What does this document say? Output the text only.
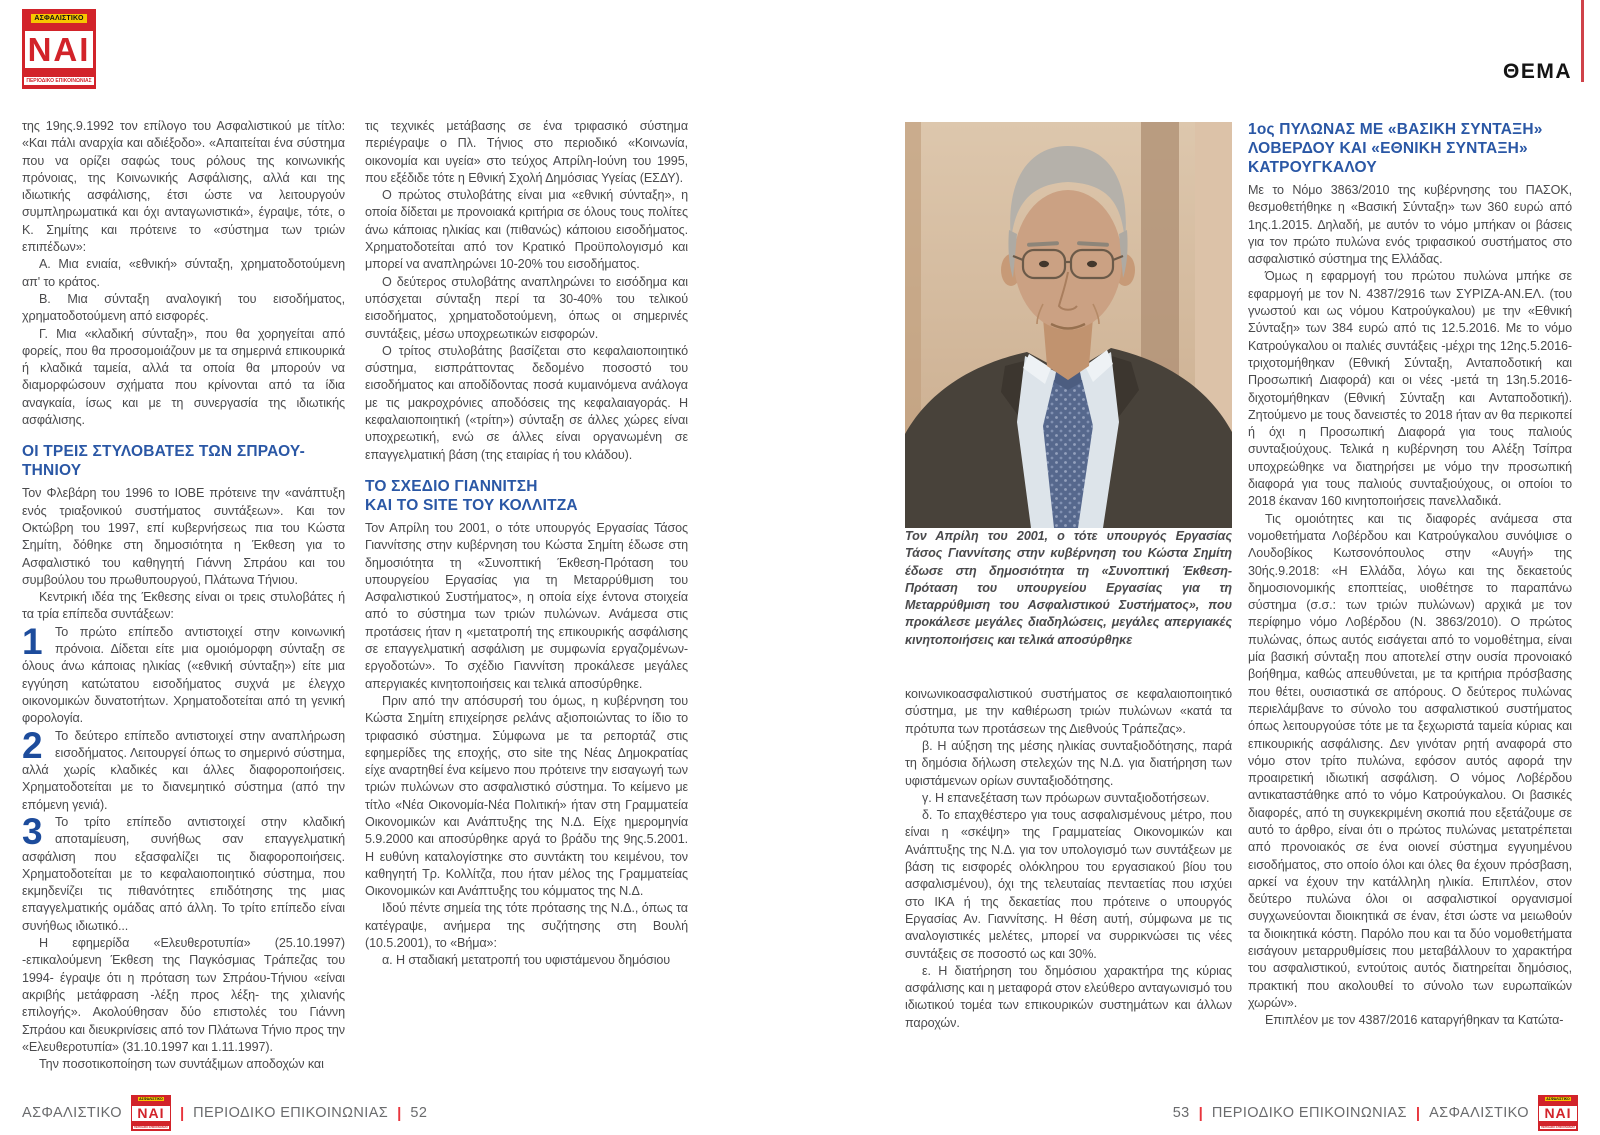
ΑΣΦΑΛΙΣΤΙΚΟ
ΝΑΙ
ΠΕΡΙΟΔΙΚΟ ΕΠΙΚΟΙΝΩΝΙΑΣ	ΘΕΜΑ

της 19ης.9.1992 τον επίλογο του Ασφαλιστικού με τίτλο: «Και πάλι αναρχία και αδιέξοδο». «Απαιτείται ένα σύστημα που να ορίζει σαφώς τους ρόλους της κοινωνικής πρόνοιας, της Κοινωνικής Ασφάλισης, αλλά και της ιδιωτικής ασφάλισης, έτσι ώστε να λειτουργούν συμπληρωματικά και όχι ανταγωνιστικά», έγραψε, τότε, ο Κ. Σημίτης και πρότεινε το «σύστημα των τριών επιπέδων»:

Α. Μια ενιαία, «εθνική» σύνταξη, χρηματοδοτούμενη απ' το κράτος.

Β. Μια σύνταξη αναλογική του εισοδήματος, χρηματοδοτούμενη από εισφορές.

Γ. Μια «κλαδική σύνταξη», που θα χορηγείται από φορείς, που θα προσομοιάζουν με τα σημερινά επικουρικά ή κλαδικά ταμεία, αλλά τα οποία θα μπορούν να διαμορφώσουν σχήματα που κρίνονται από τα ίδια αναγκαία, ίσως και με τη συνεργασία της ιδιωτικής ασφάλισης.

ΟΙ ΤΡΕΙΣ ΣΤΥΛΟΒΑΤΕΣ ΤΩΝ ΣΠΡΑΟΥ-ΤΗΝΙΟΥ

Τον Φλεβάρη του 1996 το ΙΟΒΕ πρότεινε την «ανάπτυξη ενός τριαξονικού συστήματος συντάξεων». Και τον Οκτώβρη του 1997, επί κυβερνήσεως πια του Κώστα Σημίτη, δόθηκε στη δημοσιότητα η Έκθεση για το Ασφαλιστικό του καθηγητή Γιάννη Σπράου και του συμβούλου του πρωθυπουργού, Πλάτωνα Τήνιου.

Κεντρική ιδέα της Έκθεσης είναι οι τρεις στυλοβάτες ή τα τρία επίπεδα συντάξεων:

1 Το πρώτο επίπεδο αντιστοιχεί στην κοινωνική πρόνοια. Δίδεται είτε μια ομοιόμορφη σύνταξη σε όλους άνω κάποιας ηλικίας («εθνική σύνταξη») είτε μια εγγύηση κατώτατου εισοδήματος συχνά με έλεγχο οικονομικών δυνατοτήτων. Χρηματοδοτείται από τη γενική φορολογία.

2 Το δεύτερο επίπεδο αντιστοιχεί στην αναπλήρωση εισοδήματος. Λειτουργεί όπως το σημερινό σύστημα, αλλά χωρίς κλαδικές και άλλες διαφοροποιήσεις. Χρηματοδοτείται με το διανεμητικό σύστημα (από την επόμενη γενιά).

3 Το τρίτο επίπεδο αντιστοιχεί στην κλαδική αποταμίευση, συνήθως σαν επαγγελματική ασφάλιση που εξασφαλίζει τις διαφοροποιήσεις. Χρηματοδοτείται με το κεφαλαιοποιητικό σύστημα, που εκμηδενίζει τις πιθανότητες επιδότησης της μιας επαγγελματικής ομάδας από άλλη. Το τρίτο επίπεδο είναι συνήθως ιδιωτικό...

Η εφημερίδα «Ελευθεροτυπία» (25.10.1997) -επικαλούμενη Έκθεση της Παγκόσμιας Τράπεζας του 1994- έγραψε ότι η πρόταση των Σπράου-Τήνιου «είναι ακριβής μετάφραση -λέξη προς λέξη- της χιλιανής επιλογής». Ακολούθησαν δύο επιστολές του Γιάννη Σπράου και διευκρινίσεις από τον Πλάτωνα Τήνιο προς την «Ελευθεροτυπία» (31.10.1997 και 1.11.1997).

Την ποσοτικοποίηση των συντάξιμων αποδοχών και

τις τεχνικές μετάβασης σε ένα τριφασικό σύστημα περιέγραψε ο Πλ. Τήνιος στο περιοδικό «Κοινωνία, οικονομία και υγεία» στο τεύχος Απρίλη-Ιούνη του 1995, που εξέδιδε τότε η Εθνική Σχολή Δημόσιας Υγείας (ΕΣΔΥ).

Ο πρώτος στυλοβάτης είναι μια «εθνική σύνταξη», η οποία δίδεται με προνοιακά κριτήρια σε όλους τους πολίτες άνω κάποιας ηλικίας και (πιθανώς) κάποιου εισοδήματος. Χρηματοδοτείται από τον Κρατικό Προϋπολογισμό και μπορεί να αναπληρώνει 10-20% του εισοδήματος.

Ο δεύτερος στυλοβάτης αναπληρώνει το εισόδημα και υπόσχεται σύνταξη περί τα 30-40% του τελικού εισοδήματος, χρηματοδοτούμενη, όπως οι σημερινές συντάξεις, μέσω υποχρεωτικών εισφορών.

Ο τρίτος στυλοβάτης βασίζεται στο κεφαλαιοποιητικό σύστημα, εισπράττοντας δεδομένο ποσοστό του εισοδήματος και αποδίδοντας ποσά κυμαινόμενα ανάλογα με τις μακροχρόνιες αποδόσεις της κεφαλαιαγοράς. Η κεφαλαιοποιητική («τρίτη») σύνταξη σε άλλες χώρες είναι υποχρεωτική, ενώ σε άλλες είναι οργανωμένη σε επαγγελματική βάση (της εταιρίας ή του κλάδου).

ΤΟ ΣΧΕΔΙΟ ΓΙΑΝΝΙΤΣΗ
ΚΑΙ ΤΟ SITE ΤΟΥ ΚΟΛΛΙΤΖΑ

Τον Απρίλη του 2001, ο τότε υπουργός Εργασίας Τάσος Γιαννίτσης στην κυβέρνηση του Κώστα Σημίτη έδωσε στη δημοσιότητα τη «Συνοπτική Έκθεση-Πρόταση του υπουργείου Εργασίας για τη Μεταρρύθμιση του Ασφαλιστικού Συστήματος», η οποία είχε έντονα στοιχεία από το σύστημα των τριών πυλώνων. Ανάμεσα στις προτάσεις ήταν η «μετατροπή της επικουρικής ασφάλισης σε επαγγελματική ασφάλιση με συμφωνία εργαζομένων-εργοδοτών». Το σχέδιο Γιαννίτση προκάλεσε μεγάλες απεργιακές κινητοποιήσεις και τελικά αποσύρθηκε.

Πριν από την απόσυρσή του όμως, η κυβέρνηση του Κώστα Σημίτη επιχείρησε ρελάνς αξιοποιώντας το ίδιο το τριφασικό σύστημα. Σύμφωνα με τα ρεπορτάζ στις εφημερίδες της εποχής, στο site της Νέας Δημοκρατίας είχε αναρτηθεί ένα κείμενο που πρότεινε την εισαγωγή των τριών πυλώνων στο ασφαλιστικό σύστημα. Το κείμενο με τίτλο «Νέα Οικονομία-Νέα Πολιτική» ήταν στη Γραμματεία Οικονομικών και Ανάπτυξης της Ν.Δ. Είχε ημερομηνία 5.9.2000 και αποσύρθηκε αργά το βράδυ της 9ης.5.2001. Η ευθύνη καταλογίστηκε στο συντάκτη του κειμένου, τον καθηγητή Τρ. Κολλίτζα, που ήταν μέλος της Γραμματείας Οικονομικών και Ανάπτυξης του κόμματος της Ν.Δ.

Ιδού πέντε σημεία της τότε πρότασης της Ν.Δ., όπως τα κατέγραψε, ανήμερα της συζήτησης στη Βουλή (10.5.2001), το «Βήμα»:

α. Η σταδιακή μετατροπή του υφιστάμενου δημόσιου

Τον Απρίλη του 2001, ο τότε υπουργός Εργασίας Τάσος Γιαννίτσης στην κυβέρνηση του Κώστα Σημίτη έδωσε στη δημοσιότητα τη «Συνοπτική Έκθεση-Πρόταση του υπουργείου Εργασίας για τη Μεταρρύθμιση του Ασφαλιστικού Συστήματος», που προκάλεσε μεγάλες διαδηλώσεις, μεγάλες απεργιακές κινητοποιήσεις και τελικά αποσύρθηκε

κοινωνικοασφαλιστικού συστήματος σε κεφαλαιοποιητικό σύστημα, με την καθιέρωση τριών πυλώνων «κατά τα πρότυπα των προτάσεων της Διεθνούς Τράπεζας».

β. Η αύξηση της μέσης ηλικίας συνταξιοδότησης, παρά τη δημόσια δήλωση στελεχών της Ν.Δ. για διατήρηση των υφιστάμενων ορίων συνταξιοδότησης.

γ. Η επανεξέταση των πρόωρων συνταξιοδοτήσεων.

δ. Το επαχθέστερο για τους ασφαλισμένους μέτρο, που είναι η «σκέψη» της Γραμματείας Οικονομικών και Ανάπτυξης της Ν.Δ. για τον υπολογισμό των συντάξεων με βάση τις εισφορές ολόκληρου του εργασιακού βίου του ασφαλισμένου), όχι της τελευταίας πενταετίας που ισχύει στο ΙΚΑ ή της δεκαετίας που πρότεινε ο υπουργός Εργασίας Αν. Γιαννίτσης. Η θέση αυτή, σύμφωνα με τις αναλογιστικές μελέτες, μπορεί να συρρικνώσει τις νέες συντάξεις σε ποσοστό ως και 30%.

ε. Η διατήρηση του δημόσιου χαρακτήρα της κύριας ασφάλισης και η μεταφορά στον ελεύθερο ανταγωνισμό του ιδιωτικού τομέα των επικουρικών συστημάτων και άλλων παροχών.

1ος ΠΥΛΩΝΑΣ ΜΕ «ΒΑΣΙΚΗ ΣΥΝΤΑΞΗ»
ΛΟΒΕΡΔΟΥ ΚΑΙ «ΕΘΝΙΚΗ ΣΥΝΤΑΞΗ»
ΚΑΤΡΟΥΓΚΑΛΟΥ

Με το Νόμο 3863/2010 της κυβέρνησης του ΠΑΣΟΚ, θεσμοθετήθηκε η «Βασική Σύνταξη» των 360 ευρώ από 1ης.1.2015. Δηλαδή, με αυτόν το νόμο μπήκαν οι βάσεις για τον πρώτο πυλώνα ενός τριφασικού συστήματος στο ασφαλιστικό σύστημα της Ελλάδας.

Όμως η εφαρμογή του πρώτου πυλώνα μπήκε σε εφαρμογή με τον Ν. 4387/2916 των ΣΥΡΙΖΑ-ΑΝ.ΕΛ. (του γνωστού και ως νόμου Κατρούγκαλου) με την «Εθνική Σύνταξη» των 384 ευρώ από τις 12.5.2016. Με το νόμο Κατρούγκαλου οι παλιές συντάξεις -μέχρι της 12ης.5.2016- τριχοτομήθηκαν (Εθνική Σύνταξη, Ανταποδοτική και Προσωπική Διαφορά) και οι νέες -μετά τη 13η.5.2016- διχοτομήθηκαν (Εθνική Σύνταξη και Ανταποδοτική). Ζητούμενο με τους δανειστές το 2018 ήταν αν θα περικοπεί ή όχι η Προσωπική Διαφορά για τους παλιούς συνταξιούχους. Τελικά η κυβέρνηση του Αλέξη Τσίπρα υποχρεώθηκε να διατηρήσει με νόμο την προσωπική διαφορά για τους παλιούς συνταξιούχους, οι οποίοι το 2018 έκαναν 160 κινητοποιήσεις πανελλαδικά.

Τις ομοιότητες και τις διαφορές ανάμεσα στα νομοθετήματα Λοβέρδου και Κατρούγκαλου συνόψισε ο Λουδοβίκος Κωτσονόπουλος στην «Αυγή» της 30ής.9.2018: «Η Ελλάδα, λόγω και της δεκαετούς δημοσιονομικής εποπτείας, υιοθέτησε το παραπάνω σύστημα (σ.σ.: των τριών πυλώνων) αρχικά με τον περίφημο νόμο Λοβέρδου (Ν. 3863/2010). Ο πρώτος πυλώνας, όπως αυτός εισάγεται από το νομοθέτημα, είναι μία βασική σύνταξη που αποτελεί στην ουσία προνοιακό βοήθημα, καθώς απευθύνεται, με τα κριτήρια πρόσβασης που θέτει, ουσιαστικά σε απόρους. Ο δεύτερος πυλώνας περιελάμβανε το σύνολο του ασφαλιστικού συστήματος όπως λειτουργούσε τότε με τα ξεχωριστά ταμεία κύριας και επικουρικής ασφάλισης. Δεν γινόταν ρητή αναφορά στο νόμο στον τρίτο πυλώνα, εφόσον αυτός αφορά την προαιρετική ιδιωτική ασφάλιση. Ο νόμος Λοβέρδου αντικαταστάθηκε από το νόμο Κατρούγκαλου. Οι βασικές διαφορές, από τη συγκεκριμένη σκοπιά που εξετάζουμε σε αυτό το άρθρο, είναι ότι ο πρώτος πυλώνας μετατρέπεται από προνοιακός σε ένα οιονεί σύστημα εγγυημένου εισοδήματος, στο οποίο όλοι και όλες θα έχουν πρόσβαση, αρκεί να έχουν την κατάλληλη ηλικία. Επιπλέον, στον δεύτερο πυλώνα όλοι οι ασφαλιστικοί οργανισμοί συγχωνεύονται διοικητικά σε έναν, έτσι ώστε να μειωθούν τα διοικητικά κόστη. Παρόλο που και τα δύο νομοθετήματα εισάγουν μεταρρυθμίσεις που μεταβάλλουν το χαρακτήρα του ασφαλιστικού, εντούτοις αυτός διατηρείται δημόσιος, πρακτική που ακολουθεί το σύνολο των ευρωπαϊκών χωρών».

Επιπλέον με τον 4387/2016 καταργήθηκαν τα Κατώτα-

ΑΣΦΑΛΙΣΤΙΚΟ
ΑΣΦΑΛΙΣΤΙΚΟ
ΝΑΙ
ΠΕΡΙΟΔΙΚΟ ΕΠΙΚΟΙΝΩΝΙΑΣ
| ΠΕΡΙΟΔΙΚΟ ΕΠΙΚΟΙΝΩΝΙΑΣ | 52	53 | ΠΕΡΙΟΔΙΚΟ ΕΠΙΚΟΙΝΩΝΙΑΣ | ΑΣΦΑΛΙΣΤΙΚΟ
ΑΣΦΑΛΙΣΤΙΚΟ
ΝΑΙ
ΠΕΡΙΟΔΙΚΟ ΕΠΙΚΟΙΝΩΝΙΑΣ
